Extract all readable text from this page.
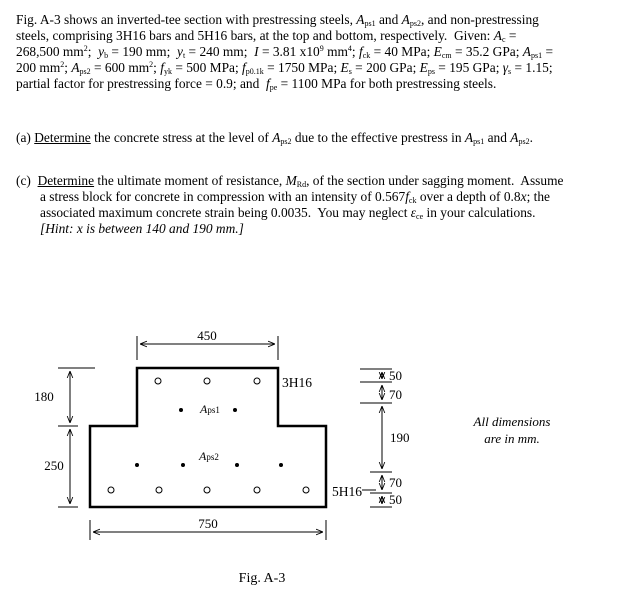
Fig. A-3 shows an inverted-tee section with prestressing steels, $A_{ps1}$ and $A_{ps2}$, and non-prestressing
steels, comprising 3H16 bars and 5H16 bars, at the top and bottom, respectively.  Given: $A_c$ =
268,500 $mm^2$;  $y_b = 190$ mm;  $y_t = 240$ mm;  I = 3.81 $x10^9$ $mm^4$; $f_{ck} = 40$ MPa; $E_{cm} = 35.2$ GPa; $A_{ps1}$ =
200 $mm^2$; $A_{ps2} = 600$ $mm^2$; $f_{yk} = 500$ MPa; $f_{p0.1k} = 1750$ MPa; $E_s = 200$ GPa; $E_{ps} = 195$ GPa; $\gamma_s = 1.15$;
partial factor for prestressing force = 0.9; and  $f_{pe} = 1100$ MPa for both prestressing steels.
(a) Determine the concrete stress at the level of $A_{ps2}$ due to the effective prestress in $A_{ps1}$ and $A_{ps2}$.
(c)  Determine the ultimate moment of resistance, $M_{Rd}$, of the section under sagging moment.  Assume
a stress block for concrete in compression with an intensity of $0.567f_{ck}$ over a depth of 0.8x; the
associated maximum concrete strain being 0.0035.  You may neglect $\varepsilon_{ce}$ in your calculations.
[Hint: x is between 140 and 190 mm.]
450
750
180
250
3H16
Aps1
Aps2
5H16
50
70
190
70
50
All dimensions
are in mm.
Fig. A-3
